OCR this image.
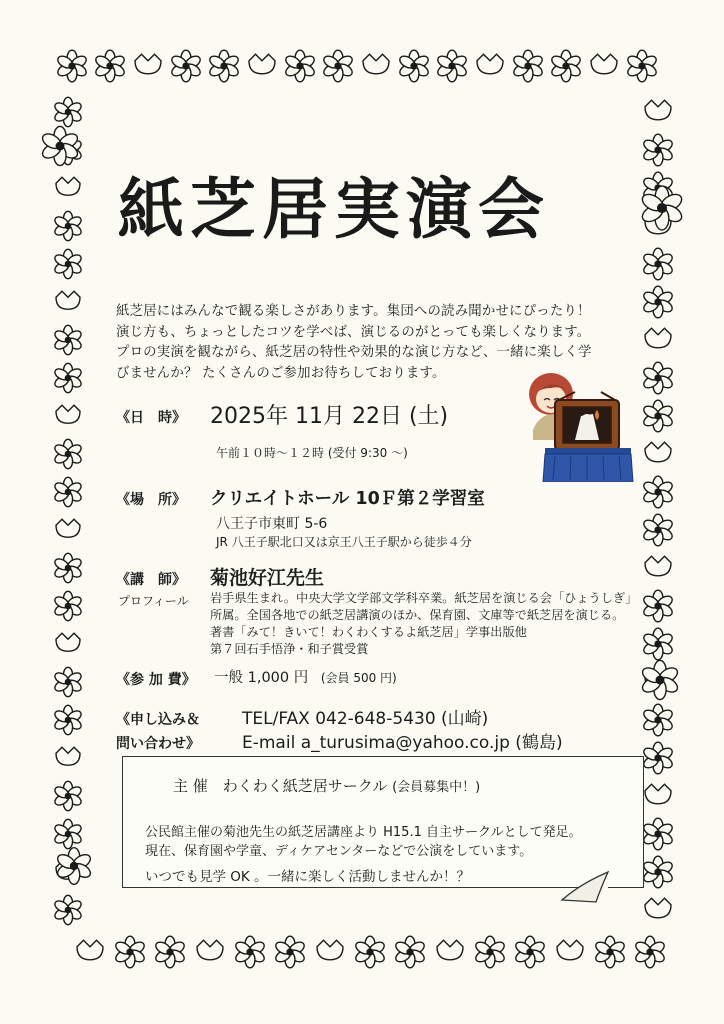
紙芝居実演会
紙芝居にはみんなで観る楽しさがあります。集団への読み聞かせにぴったり！
演じ方も、ちょっとしたコツを学べば、演じるのがとっても楽しくなります。
プロの実演を観ながら、紙芝居の特性や効果的な演じ方など、一緒に楽しく学
びませんか？ たくさんのご参加お待ちしております。
《日　時》 2025年 11月 22日 (土)
午前１０時～１２時 (受付 9:30 ～)
《場　所》 クリエイトホール 10Ｆ第２学習室
八王子市東町 5-6
JR 八王子駅北口又は京王八王子駅から徒歩４分
《講　師》 菊池好江先生
プロフィール 岩手県生まれ。中央大学文学部文学科卒業。紙芝居を演じる会「ひょうしぎ」
所属。全国各地での紙芝居講演のほか、保育園、文庫等で紙芝居を演じる。
著書「みて！きいて！わくわくするよ紙芝居」学事出版他
第７回石手悟浄・和子賞受賞
《参 加 費》 一般 1,000 円 (会員 500 円)
《申し込み＆
問い合わせ》
TEL/FAX 042-648-5430 (山崎)
E-mail a_turusima@yahoo.co.jp (鶴島)
主 催　わくわく紙芝居サークル (会員募集中！)
公民館主催の菊池先生の紙芝居講座より H15.1 自主サークルとして発足。
現在、保育園や学童、ディケアセンターなどで公演をしています。
いつでも見学 OK 。一緒に楽しく活動しませんか！？
